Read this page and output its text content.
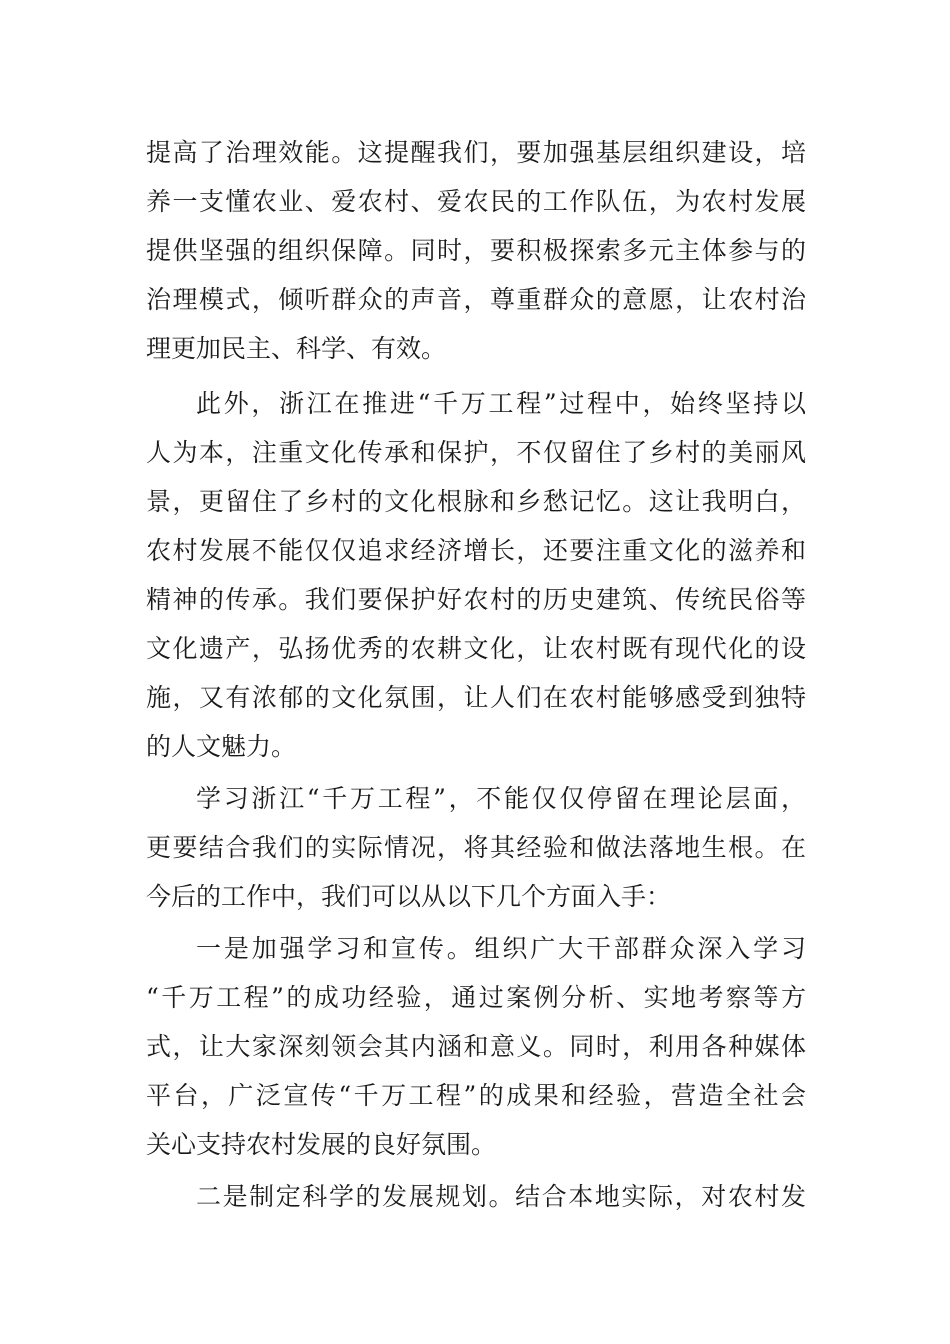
提高了治理效能。这提醒我们，要加强基层组织建设，培
养一支懂农业、爱农村、爱农民的工作队伍，为农村发展
提供坚强的组织保障。同时，要积极探索多元主体参与的
治理模式，倾听群众的声音，尊重群众的意愿，让农村治
理更加民主、科学、有效。
此外，浙江在推进“千万工程”过程中，始终坚持以
人为本，注重文化传承和保护，不仅留住了乡村的美丽风
景，更留住了乡村的文化根脉和乡愁记忆。这让我明白，
农村发展不能仅仅追求经济增长，还要注重文化的滋养和
精神的传承。我们要保护好农村的历史建筑、传统民俗等
文化遗产，弘扬优秀的农耕文化，让农村既有现代化的设
施，又有浓郁的文化氛围，让人们在农村能够感受到独特
的人文魅力。
学习浙江“千万工程”，不能仅仅停留在理论层面，
更要结合我们的实际情况，将其经验和做法落地生根。在
今后的工作中，我们可以从以下几个方面入手：
一是加强学习和宣传。组织广大干部群众深入学习
“千万工程”的成功经验，通过案例分析、实地考察等方
式，让大家深刻领会其内涵和意义。同时，利用各种媒体
平台，广泛宣传“千万工程”的成果和经验，营造全社会
关心支持农村发展的良好氛围。
二是制定科学的发展规划。结合本地实际，对农村发
